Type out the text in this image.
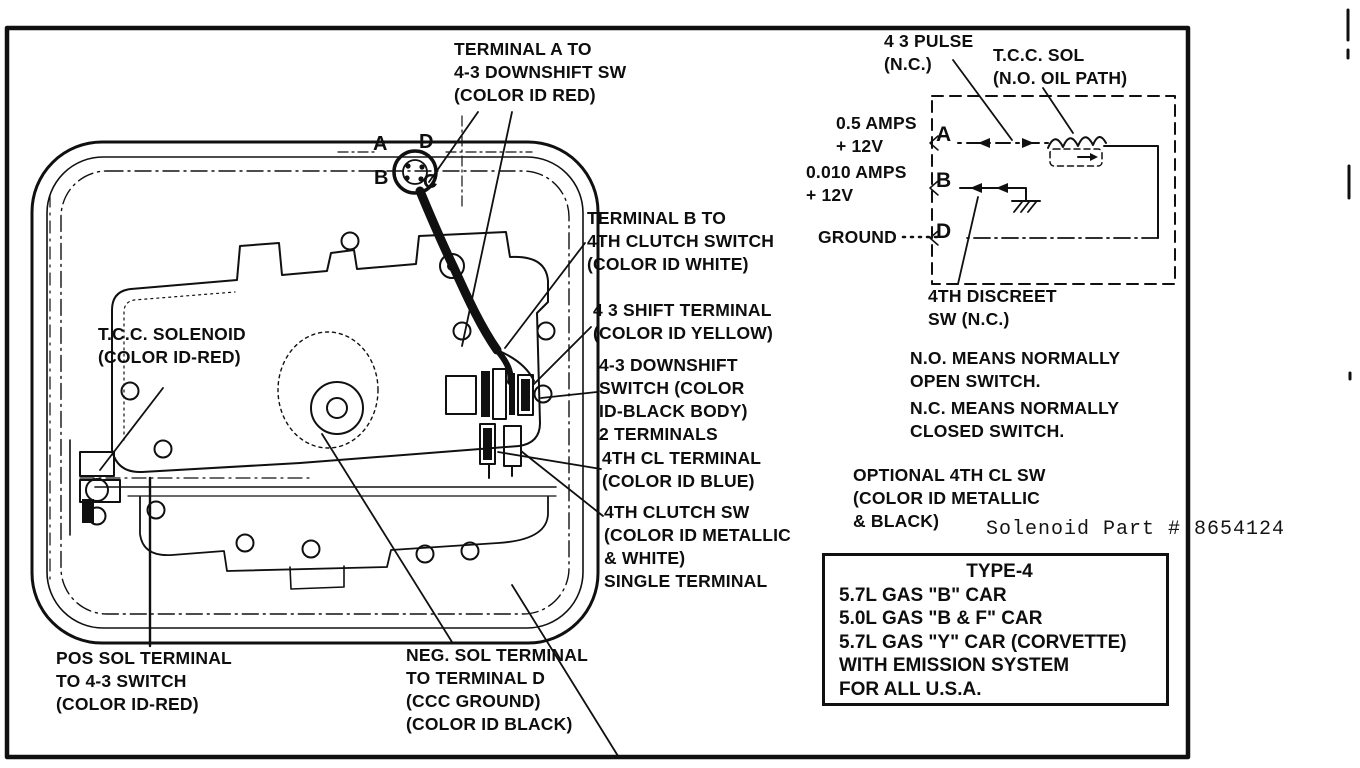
TERMINAL A TO
4-3 DOWNSHIFT SW
(COLOR ID RED)
TERMINAL B TO
4TH CLUTCH SWITCH
(COLOR ID WHITE)
4 3 SHIFT TERMINAL
(COLOR ID YELLOW)
4-3 DOWNSHIFT
SWITCH (COLOR
ID-BLACK BODY)
2 TERMINALS
4TH CL TERMINAL
(COLOR ID BLUE)
4TH CLUTCH SW
(COLOR ID METALLIC
& WHITE)
SINGLE TERMINAL
T.C.C. SOLENOID
(COLOR ID-RED)
POS SOL TERMINAL
TO 4-3 SWITCH
(COLOR ID-RED)
NEG. SOL TERMINAL
TO TERMINAL D
(CCC GROUND)
(COLOR ID BLACK)
A D
B C
4 3 PULSE
(N.C.)	T.C.C. SOL
(N.O. OIL PATH)
0.5 AMPS
+ 12V
0.010 AMPS
+ 12V
GROUND
A
B
D
4TH DISCREET
SW (N.C.)
N.O. MEANS NORMALLY
OPEN SWITCH.
N.C. MEANS NORMALLY
CLOSED SWITCH.
OPTIONAL 4TH CL SW
(COLOR ID METALLIC
& BLACK)	Solenoid Part # 8654124
TYPE-4
5.7L GAS "B" CAR
5.0L GAS "B & F" CAR
5.7L GAS "Y" CAR (CORVETTE)
WITH EMISSION SYSTEM
FOR ALL U.S.A.
